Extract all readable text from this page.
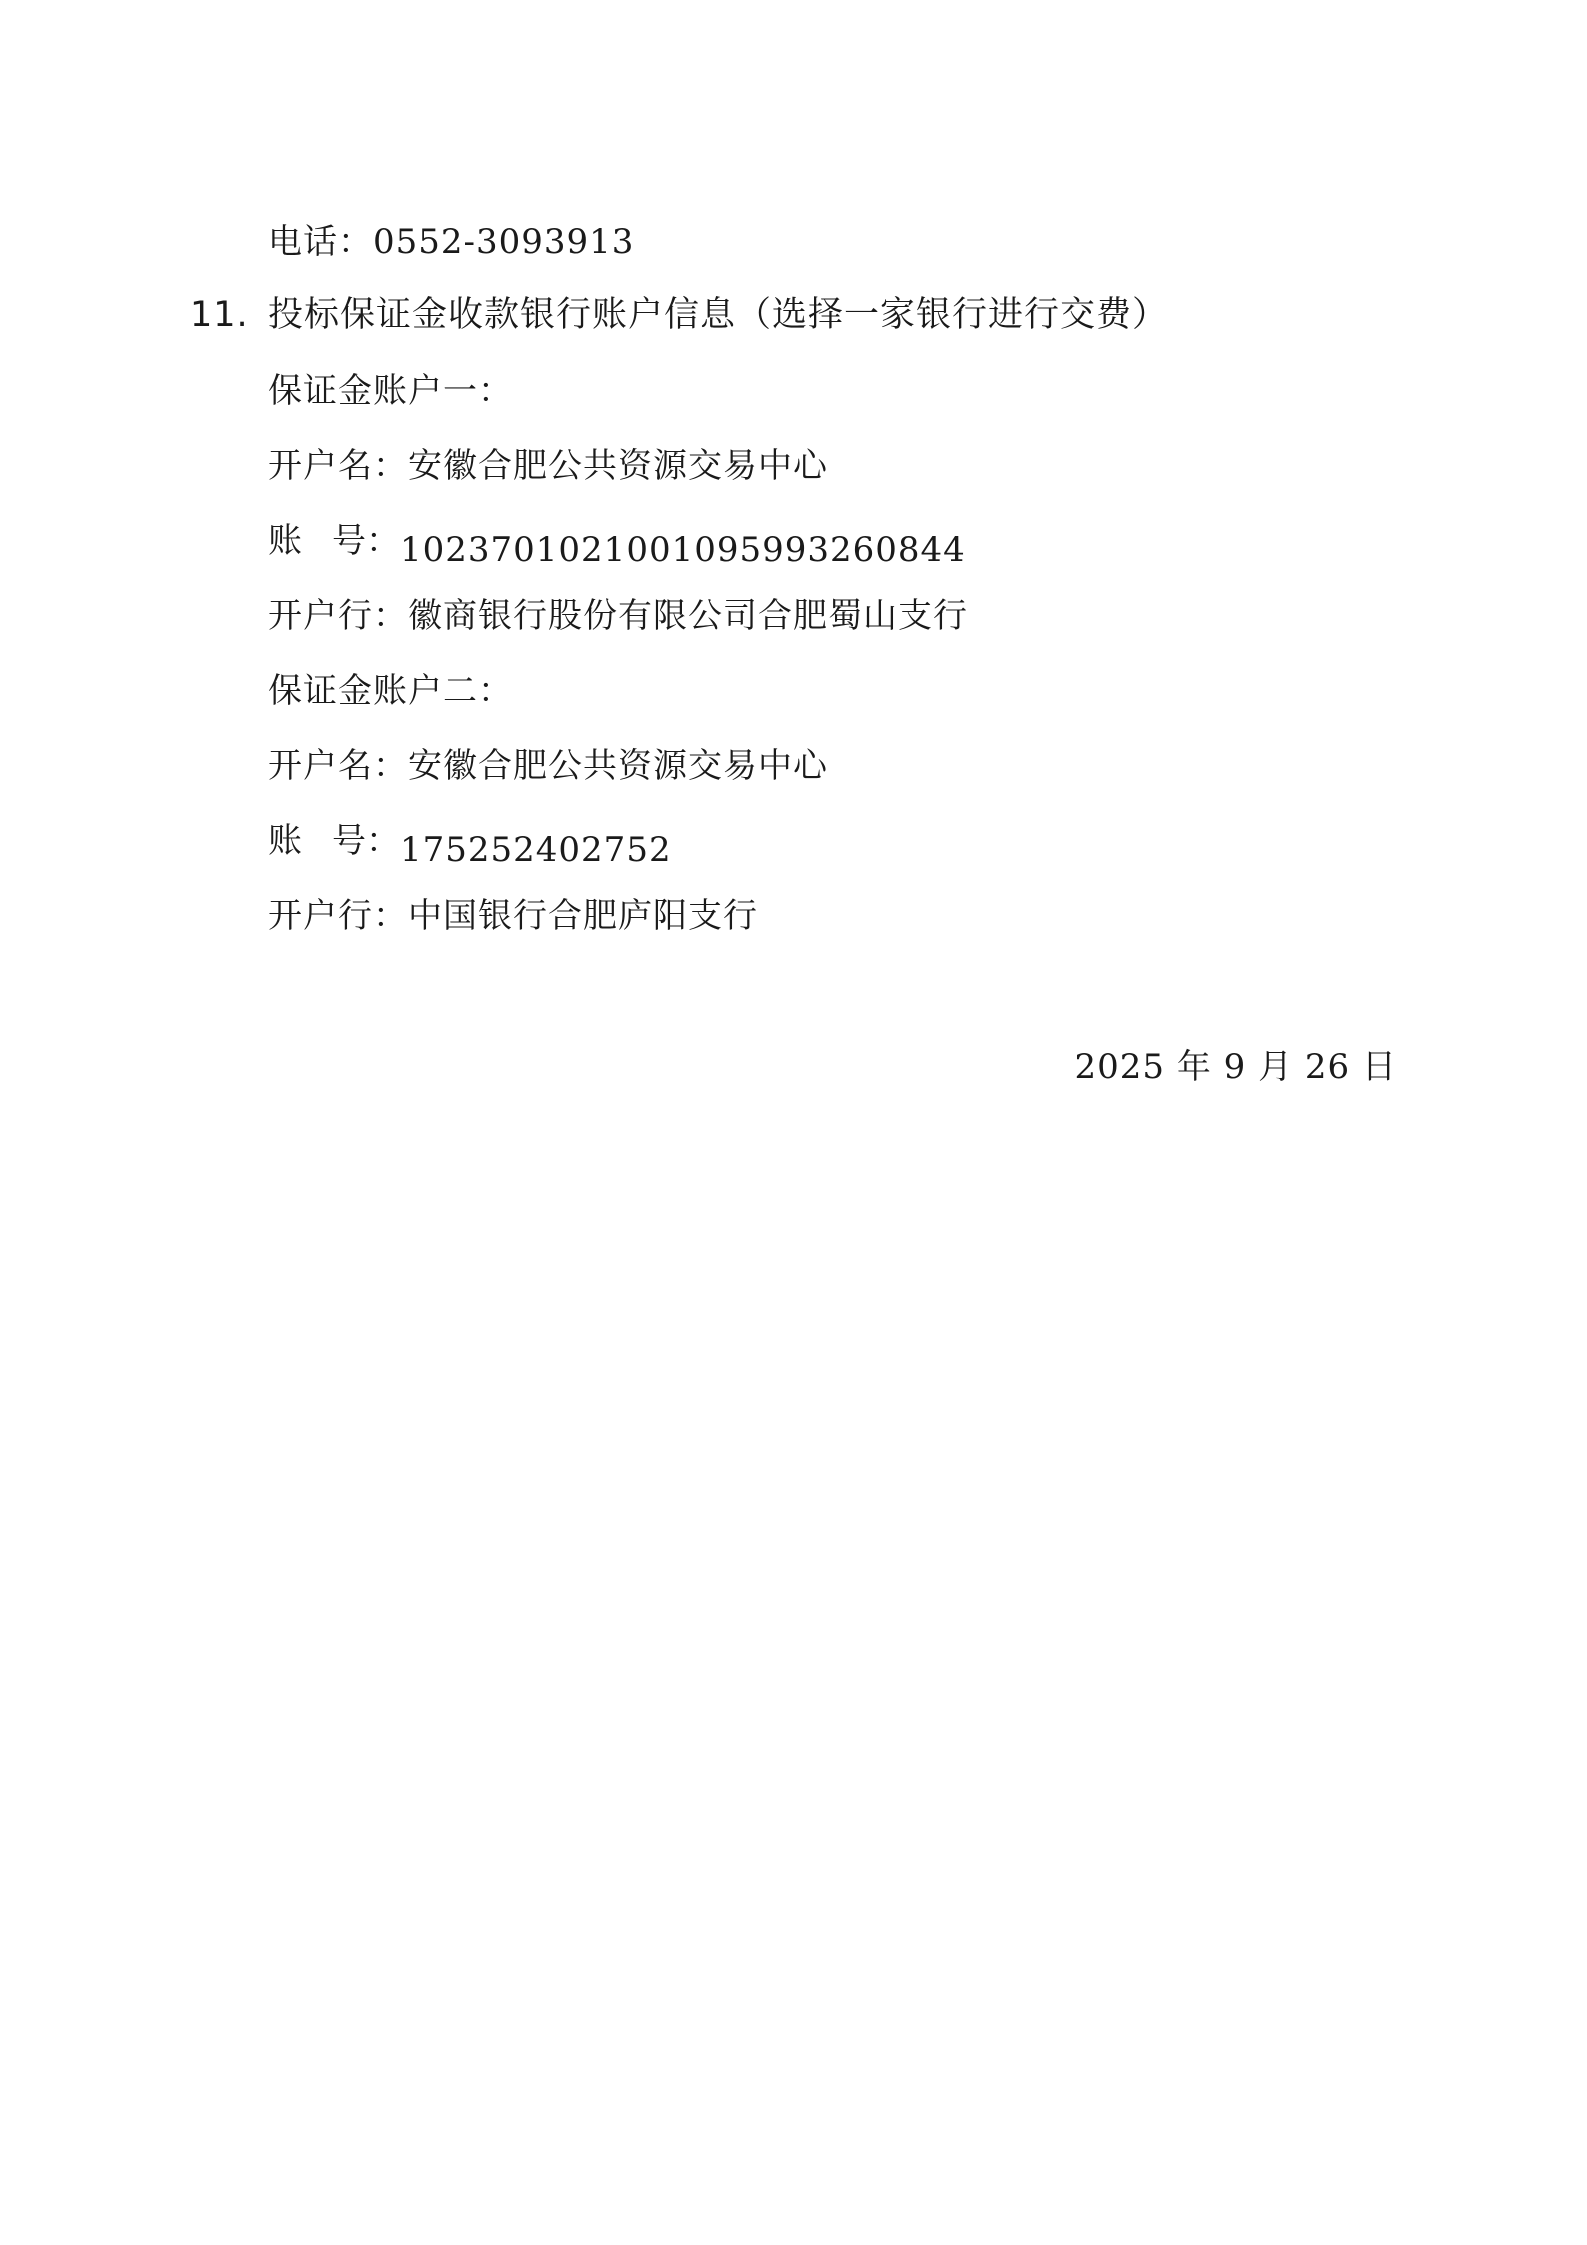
电话：0552-3093913
11. 投标保证金收款银行账户信息（选择一家银行进行交费）
保证金账户一：
开户名：安徽合肥公共资源交易中心
账 号： 1023701021001095993260844
开户行：徽商银行股份有限公司合肥蜀山支行
保证金账户二：
开户名：安徽合肥公共资源交易中心
账 号： 175252402752
开户行：中国银行合肥庐阳支行
2025 年 9 月 26 日
